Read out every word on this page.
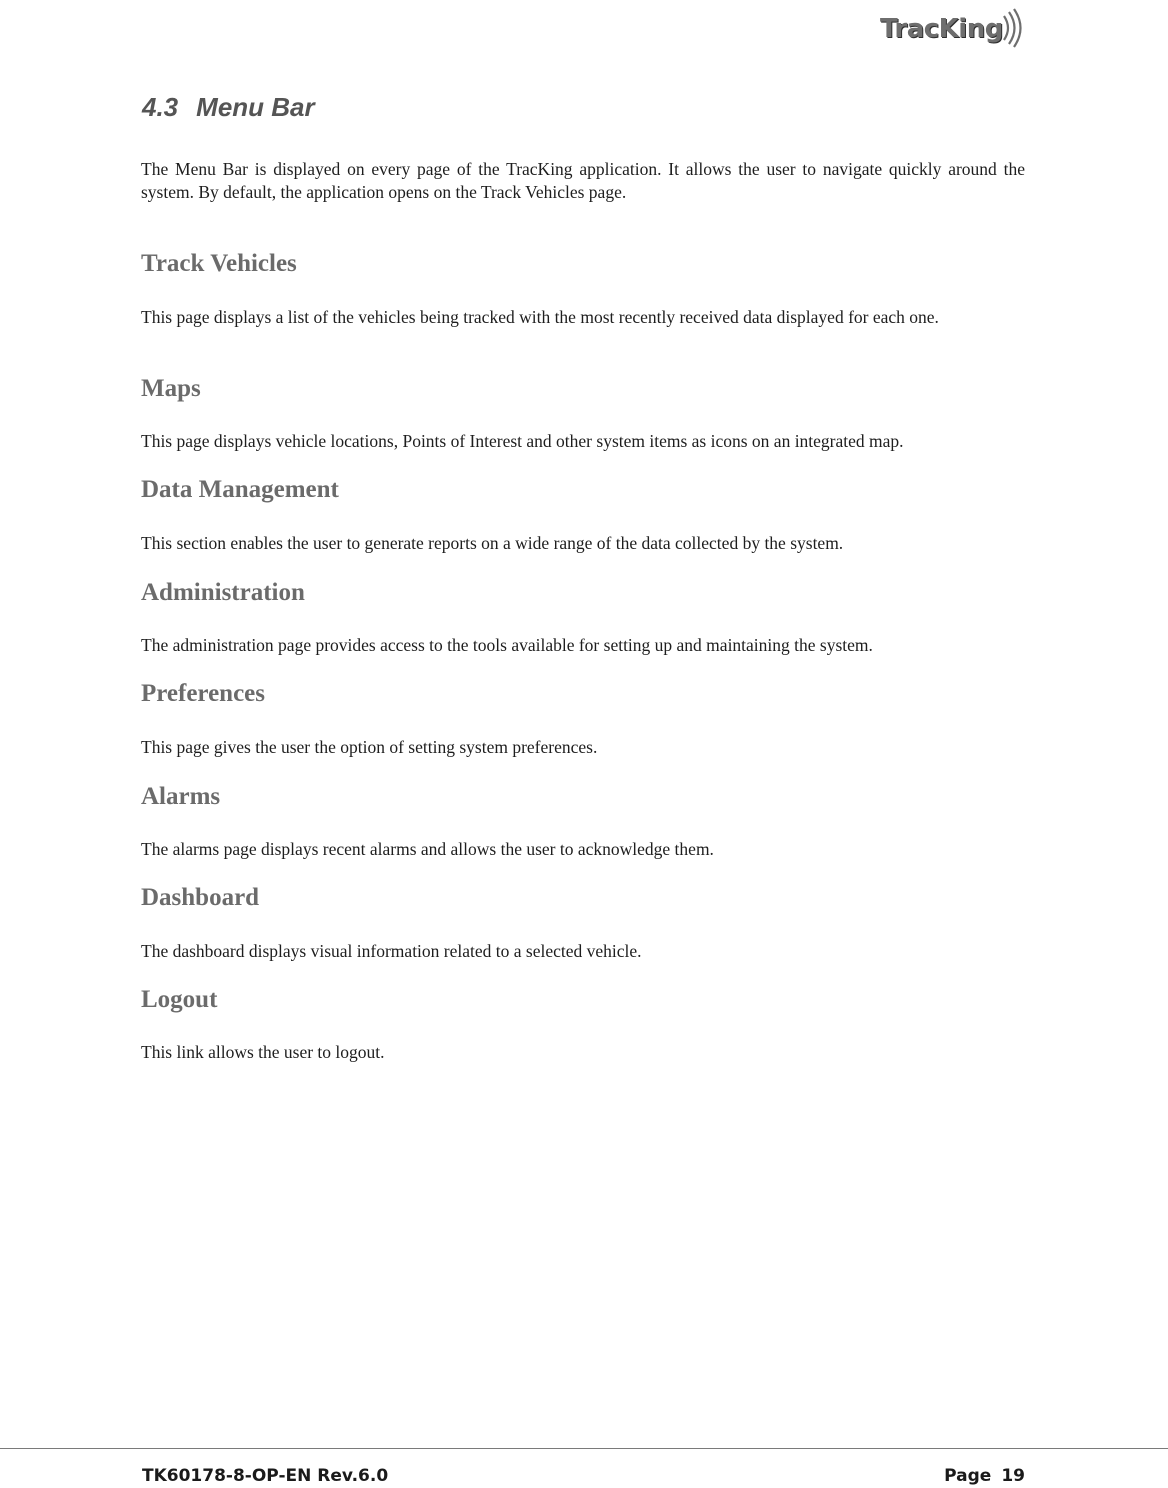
TracKing
4.3 Menu Bar

The Menu Bar is displayed on every page of the TracKing application. It allows the user to navigate quickly around the system. By default, the application opens on the Track Vehicles page.

Track Vehicles

This page displays a list of the vehicles being tracked with the most recently received data displayed for each one.

Maps

This page displays vehicle locations, Points of Interest and other system items as icons on an integrated map.

Data Management

This section enables the user to generate reports on a wide range of the data collected by the system.

Administration

The administration page provides access to the tools available for setting up and maintaining the system.

Preferences

This page gives the user the option of setting system preferences.

Alarms

The alarms page displays recent alarms and allows the user to acknowledge them.

Dashboard

The dashboard displays visual information related to a selected vehicle.

Logout

This link allows the user to logout.

TK60178-8-OP-EN Rev.6.0	Page 19
